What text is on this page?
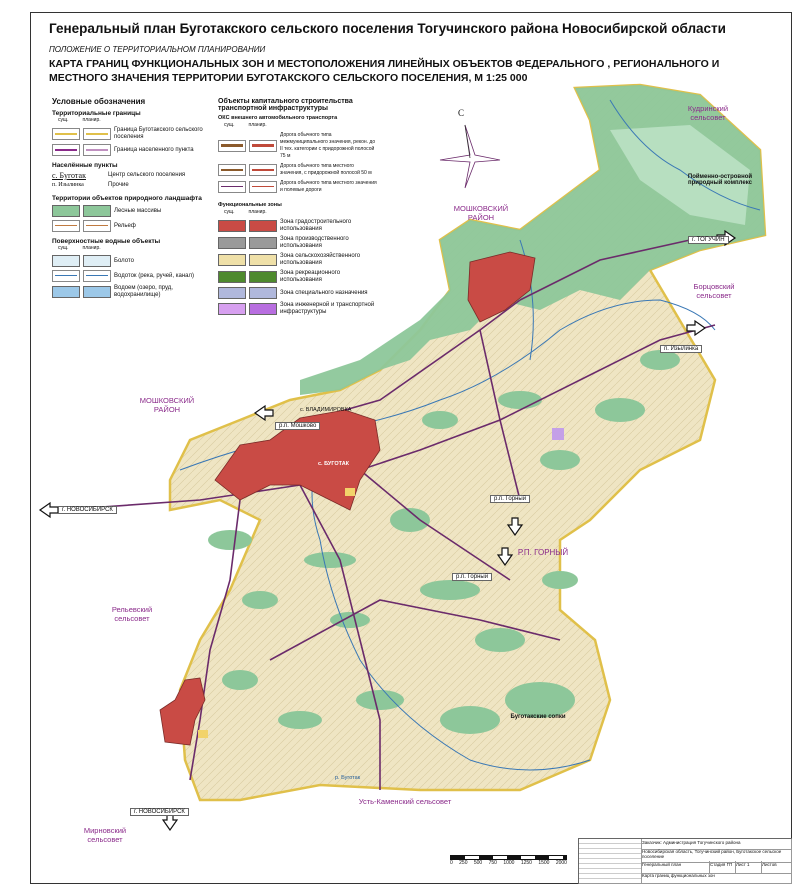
Генеральный план Буготакского сельского поселения Тогучинского района Новосибирской области
ПОЛОЖЕНИЕ О ТЕРРИТОРИАЛЬНОМ ПЛАНИРОВАНИИ
КАРТА ГРАНИЦ ФУНКЦИОНАЛЬНЫХ ЗОН И МЕСТОПОЛОЖЕНИЯ ЛИНЕЙНЫХ ОБЪЕКТОВ ФЕДЕРАЛЬНОГО , РЕГИОНАЛЬНОГО И МЕСТНОГО ЗНАЧЕНИЯ ТЕРРИТОРИИ БУГОТАКСКОГО СЕЛЬСКОГО ПОСЕЛЕНИЯ, М 1:25 000
С
Условные обозначения
Территориальные границы
сущ.	планир.
Граница Буготакского сельского поселения
Граница населенного пункта
Населённые пункты
с. Буготак	Центр сельского поселения
п. Изылинка	Прочие
Территории объектов природного ландшафта
Лесные массивы
Рельеф
Поверхностные водные объекты
сущ.	планир.
Болото
Водоток (река, ручей, канал)
Водоем (озеро, пруд, водохранилище)
Объекты капитального строительства транспортной инфраструктуры
ОКС внешнего автомобильного транспорта
сущ.	планир.
Дорога обычного типа межмуниципального значения, рекон. до II тех. категории с придорожной полосой 75 м
Дорога обычного типа местного значения, с придорожной полосой 50 м
Дорога обычного типа местного значения и полевые дороги
Функциональные зоны
сущ.	планир.
Зона градостроительного использования
Зона производственного использования
Зона сельскохозяйственного использования
Зона рекреационного использования
Зона специального назначения
Зона инженерной и транспортной инфраструктуры
Кудринский сельсовет
Пойменно-островной природный комплекс
МОШКОВСКИЙ РАЙОН
г. ТОГУЧИН
Борцовский сельсовет
п. Изылинка
МОШКОВСКИЙ РАЙОН
р.п. Мошково
г. НОВОСИБИРСК
с. ВЛАДИМИРОВКА
с. БУГОТАК
р.п. Горный
Р.П. ГОРНЫЙ
р.п. Горный
Рельевский сельсовет
Буготакские сопки
Усть-Каменский сельсовет
Мирновский сельсовет
г. НОВОСИБИРСК
р. Буготак
0 250 500 750 1000 1250 1500 2000
Заказчик: Администрация Тогучинского района
Новосибирская область, Тогучинский район, Буготакское сельское поселение
Генеральный план	Стадия ГП Лист 1	Листов
Карта границ функциональных зон
